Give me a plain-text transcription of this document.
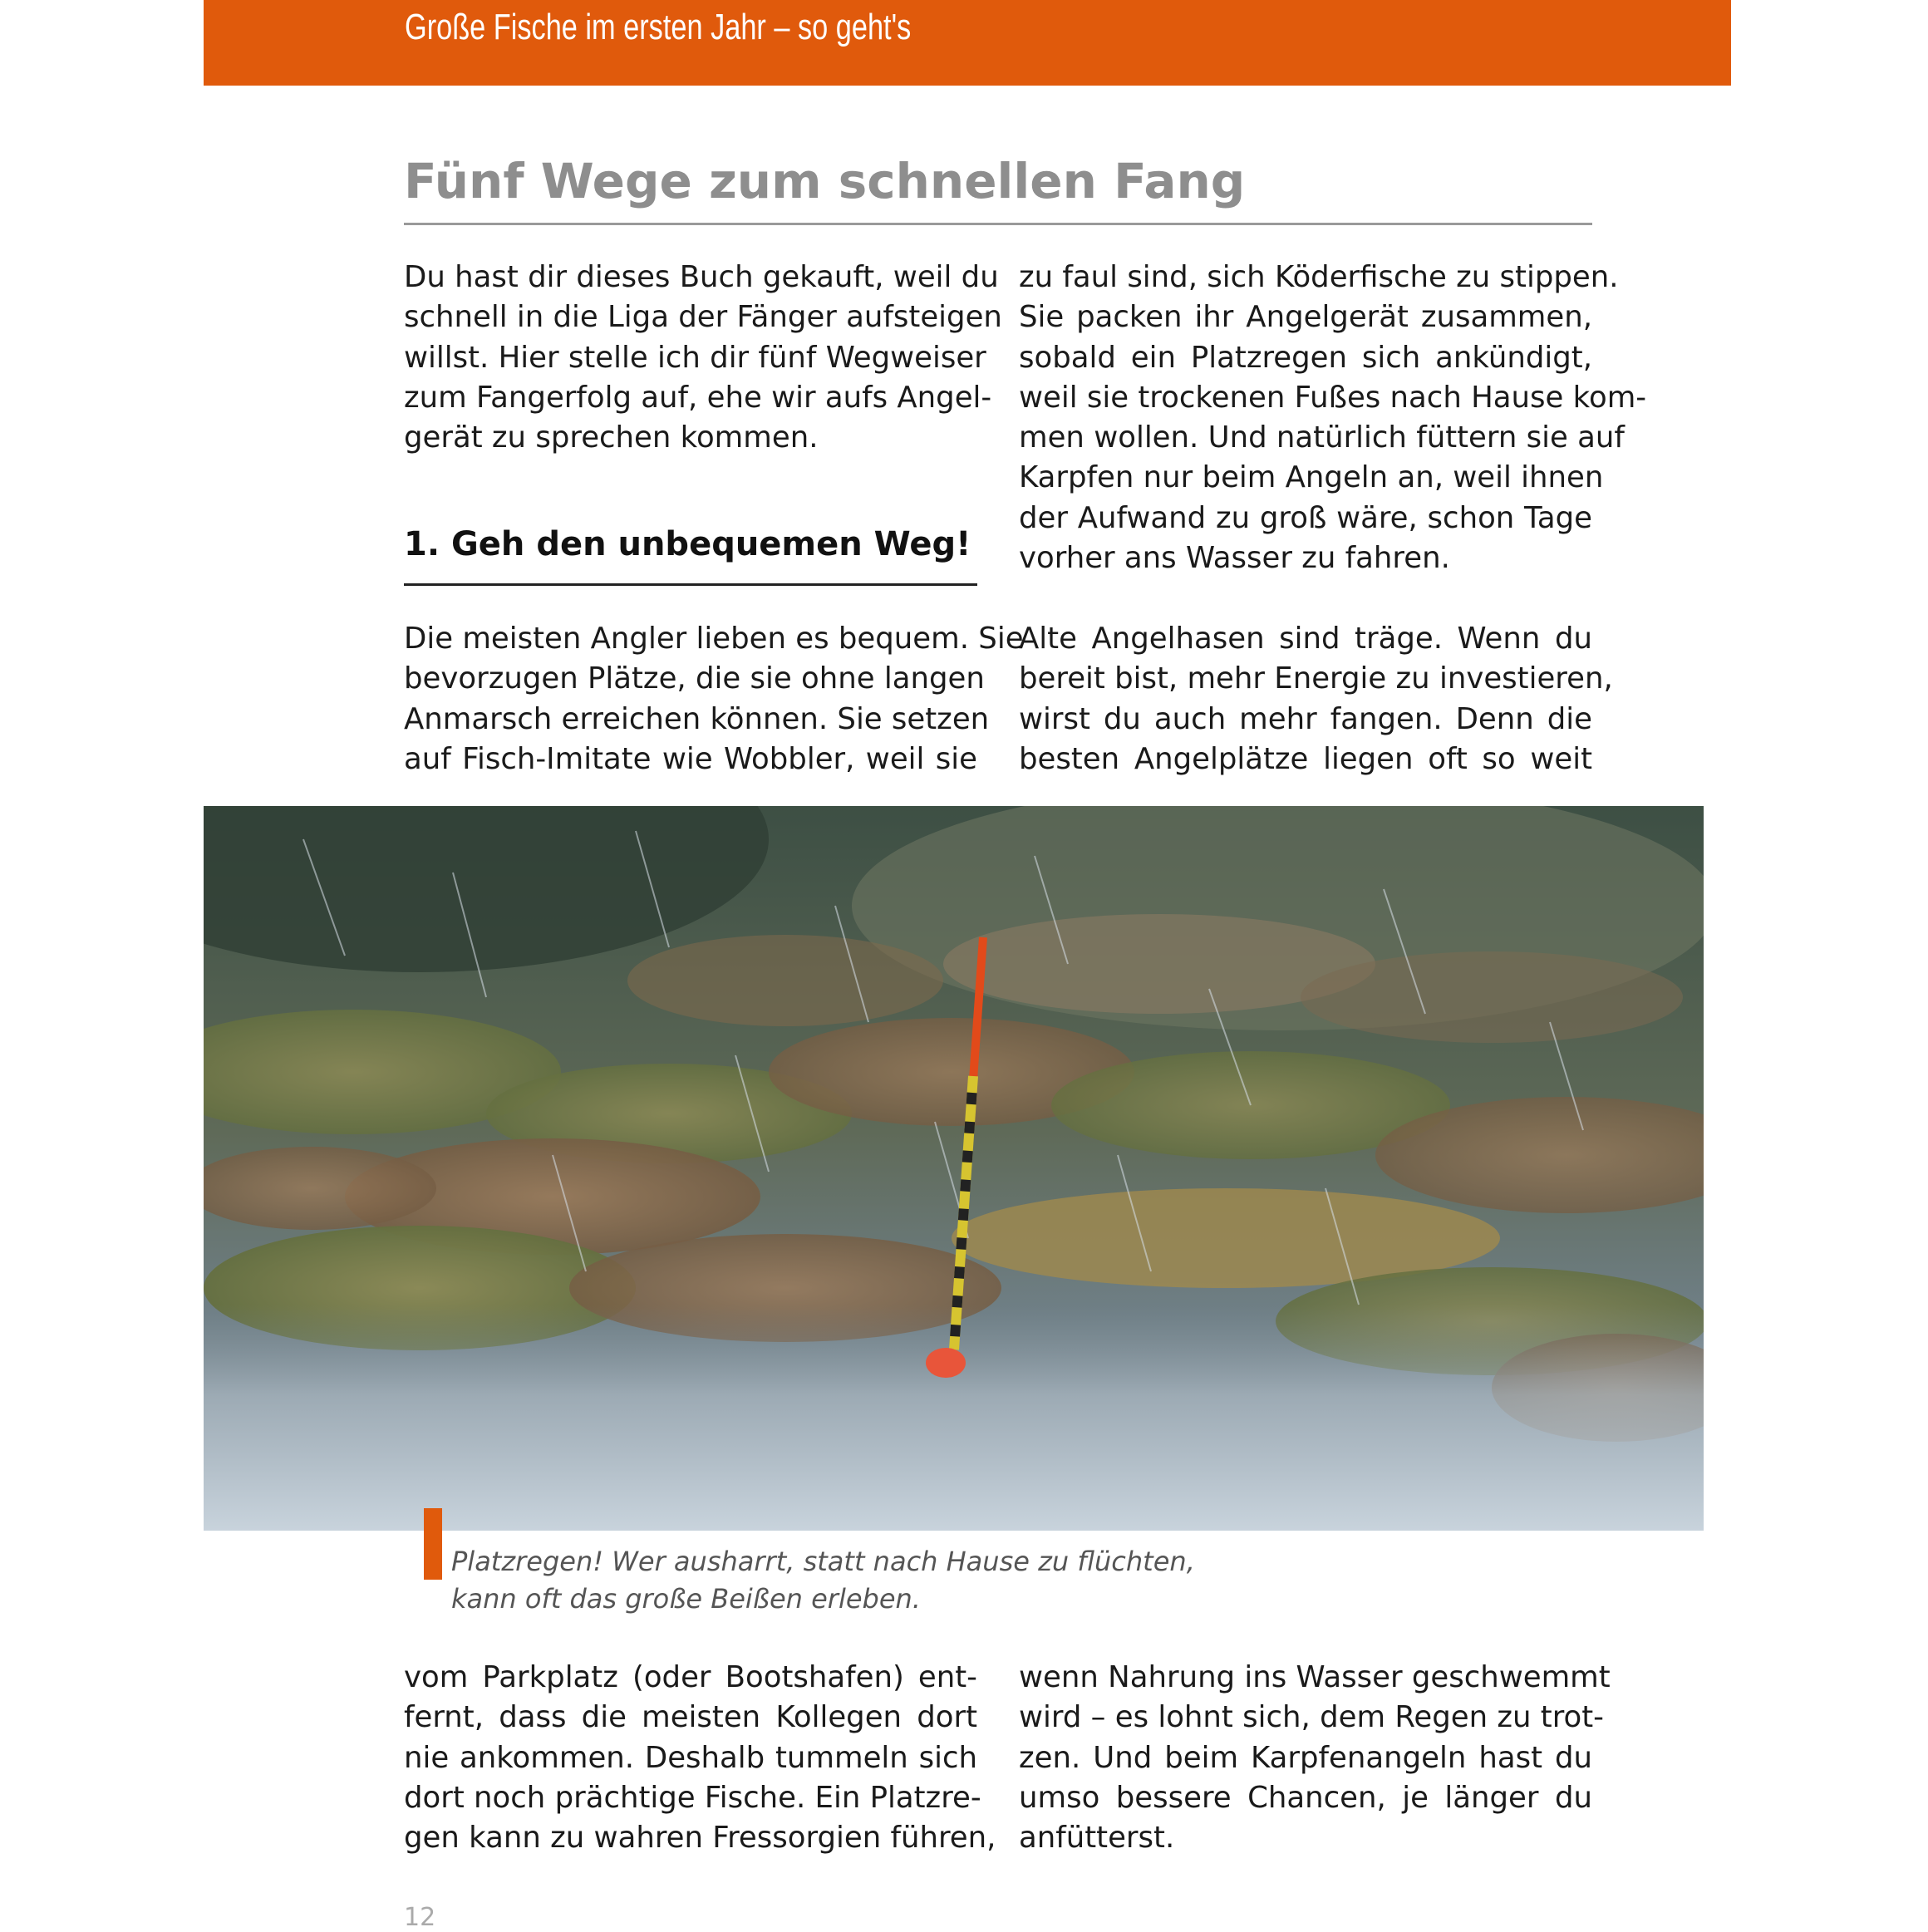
Große Fische im ersten Jahr – so geht's
Fünf Wege zum schnellen Fang
Du hast dir dieses Buch gekauft, weil du
schnell in die Liga der Fänger aufsteigen
willst. Hier stelle ich dir fünf Wegweiser
zum Fangerfolg auf, ehe wir aufs Angel-
gerät zu sprechen kommen.
1. Geh den unbequemen Weg!
Die meisten Angler lieben es bequem. Sie
bevorzugen Plätze, die sie ohne langen
Anmarsch erreichen können. Sie setzen
auf Fisch-Imitate wie Wobbler, weil sie
zu faul sind, sich Köderfische zu stippen.
Sie packen ihr Angelgerät zusammen,
sobald ein Platzregen sich ankündigt,
weil sie trockenen Fußes nach Hause kom-
men wollen. Und natürlich füttern sie auf
Karpfen nur beim Angeln an, weil ihnen
der Aufwand zu groß wäre, schon Tage
vorher ans Wasser zu fahren.
Alte Angelhasen sind träge. Wenn du
bereit bist, mehr Energie zu investieren,
wirst du auch mehr fangen. Denn die
besten Angelplätze liegen oft so weit
Platzregen! Wer ausharrt, statt nach Hause zu flüchten,
kann oft das große Beißen erleben.
vom Parkplatz (oder Bootshafen) ent-
fernt, dass die meisten Kollegen dort
nie ankommen. Deshalb tummeln sich
dort noch prächtige Fische. Ein Platzre-
gen kann zu wahren Fressorgien führen,
wenn Nahrung ins Wasser geschwemmt
wird – es lohnt sich, dem Regen zu trot-
zen. Und beim Karpfenangeln hast du
umso bessere Chancen, je länger du
anfütterst.
12
